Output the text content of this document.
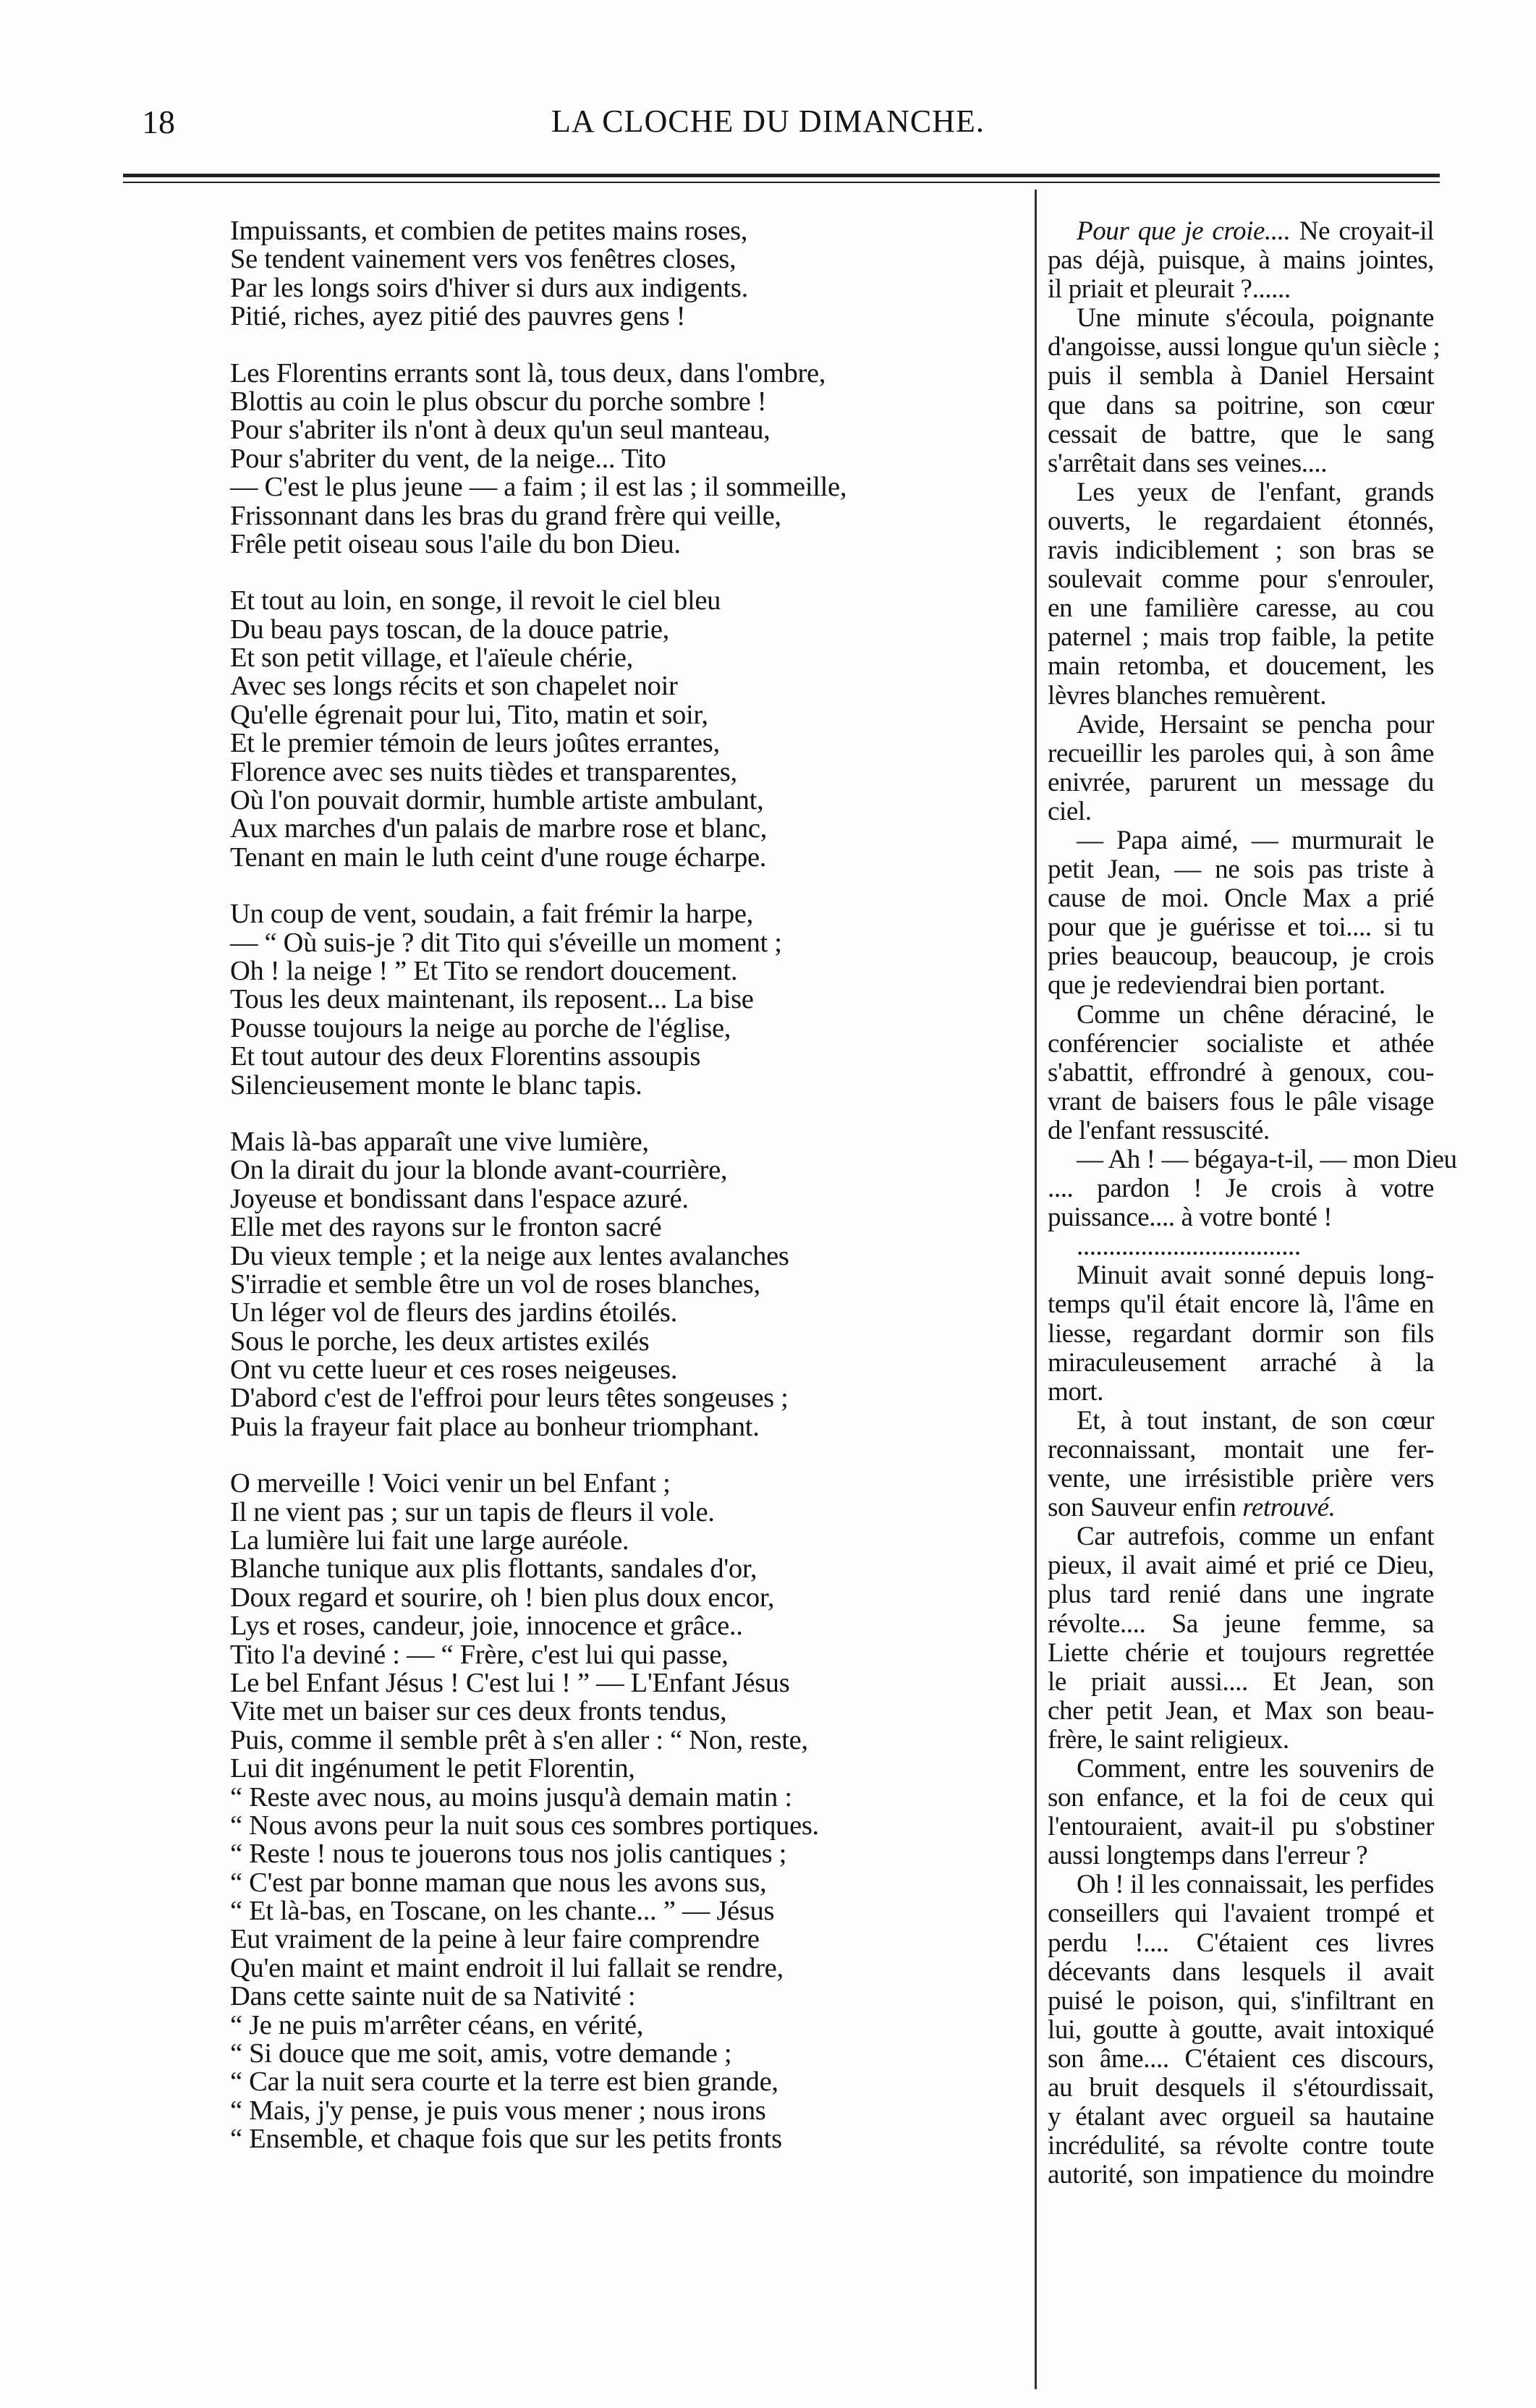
18	LA CLOCHE DU DIMANCHE.
Impuissants, et combien de petites mains roses,
Se tendent vainement vers vos fenêtres closes,
Par les longs soirs d'hiver si durs aux indigents.
Pitié, riches, ayez pitié des pauvres gens !
Les Florentins errants sont là, tous deux, dans l'ombre,
Blottis au coin le plus obscur du porche sombre !
Pour s'abriter ils n'ont à deux qu'un seul manteau,
Pour s'abriter du vent, de la neige... Tito
— C'est le plus jeune — a faim ; il est las ; il sommeille,
Frissonnant dans les bras du grand frère qui veille,
Frêle petit oiseau sous l'aile du bon Dieu.
Et tout au loin, en songe, il revoit le ciel bleu
Du beau pays toscan, de la douce patrie,
Et son petit village, et l'aïeule chérie,
Avec ses longs récits et son chapelet noir
Qu'elle égrenait pour lui, Tito, matin et soir,
Et le premier témoin de leurs joûtes errantes,
Florence avec ses nuits tièdes et transparentes,
Où l'on pouvait dormir, humble artiste ambulant,
Aux marches d'un palais de marbre rose et blanc,
Tenant en main le luth ceint d'une rouge écharpe.
Un coup de vent, soudain, a fait frémir la harpe,
— “ Où suis-je ? dit Tito qui s'éveille un moment ;
Oh ! la neige ! ” Et Tito se rendort doucement.
Tous les deux maintenant, ils reposent... La bise
Pousse toujours la neige au porche de l'église,
Et tout autour des deux Florentins assoupis
Silencieusement monte le blanc tapis.
Mais là-bas apparaît une vive lumière,
On la dirait du jour la blonde avant-courrière,
Joyeuse et bondissant dans l'espace azuré.
Elle met des rayons sur le fronton sacré
Du vieux temple ; et la neige aux lentes avalanches
S'irradie et semble être un vol de roses blanches,
Un léger vol de fleurs des jardins étoilés.
Sous le porche, les deux artistes exilés
Ont vu cette lueur et ces roses neigeuses.
D'abord c'est de l'effroi pour leurs têtes songeuses ;
Puis la frayeur fait place au bonheur triomphant.
O merveille ! Voici venir un bel Enfant ;
Il ne vient pas ; sur un tapis de fleurs il vole.
La lumière lui fait une large auréole.
Blanche tunique aux plis flottants, sandales d'or,
Doux regard et sourire, oh ! bien plus doux encor,
Lys et roses, candeur, joie, innocence et grâce..
Tito l'a deviné : — “ Frère, c'est lui qui passe,
Le bel Enfant Jésus ! C'est lui ! ” — L'Enfant Jésus
Vite met un baiser sur ces deux fronts tendus,
Puis, comme il semble prêt à s'en aller : “ Non, reste,
Lui dit ingénument le petit Florentin,
“ Reste avec nous, au moins jusqu'à demain matin :
“ Nous avons peur la nuit sous ces sombres portiques.
“ Reste ! nous te jouerons tous nos jolis cantiques ;
“ C'est par bonne maman que nous les avons sus,
“ Et là-bas, en Toscane, on les chante... ” — Jésus
Eut vraiment de la peine à leur faire comprendre
Qu'en maint et maint endroit il lui fallait se rendre,
Dans cette sainte nuit de sa Nativité :
“ Je ne puis m'arrêter céans, en vérité,
“ Si douce que me soit, amis, votre demande ;
“ Car la nuit sera courte et la terre est bien grande,
“ Mais, j'y pense, je puis vous mener ; nous irons
“ Ensemble, et chaque fois que sur les petits fronts
Pour que je croie.... Ne croyait-il
pas déjà, puisque, à mains jointes,
il priait et pleurait ?......
Une minute s'écoula, poignante
d'angoisse, aussi longue qu'un siècle ;
puis il sembla à Daniel Hersaint
que dans sa poitrine, son cœur
cessait de battre, que le sang
s'arrêtait dans ses veines....
Les yeux de l'enfant, grands
ouverts, le regardaient étonnés,
ravis indiciblement ; son bras se
soulevait comme pour s'enrouler,
en une familière caresse, au cou
paternel ; mais trop faible, la petite
main retomba, et doucement, les
lèvres blanches remuèrent.
Avide, Hersaint se pencha pour
recueillir les paroles qui, à son âme
enivrée, parurent un message du
ciel.
— Papa aimé, — murmurait le
petit Jean, — ne sois pas triste à
cause de moi. Oncle Max a prié
pour que je guérisse et toi.... si tu
pries beaucoup, beaucoup, je crois
que je redeviendrai bien portant.
Comme un chêne déraciné, le
conférencier socialiste et athée
s'abattit, effrondré à genoux, cou-
vrant de baisers fous le pâle visage
de l'enfant ressuscité.
— Ah ! — bégaya-t-il, — mon Dieu
.... pardon ! Je crois à votre
puissance.... à votre bonté !
...................................
Minuit avait sonné depuis long-
temps qu'il était encore là, l'âme en
liesse, regardant dormir son fils
miraculeusement arraché à la
mort.
Et, à tout instant, de son cœur
reconnaissant, montait une fer-
vente, une irrésistible prière vers
son Sauveur enfin retrouvé.
Car autrefois, comme un enfant
pieux, il avait aimé et prié ce Dieu,
plus tard renié dans une ingrate
révolte.... Sa jeune femme, sa
Liette chérie et toujours regrettée
le priait aussi.... Et Jean, son
cher petit Jean, et Max son beau-
frère, le saint religieux.
Comment, entre les souvenirs de
son enfance, et la foi de ceux qui
l'entouraient, avait-il pu s'obstiner
aussi longtemps dans l'erreur ?
Oh ! il les connaissait, les perfides
conseillers qui l'avaient trompé et
perdu !.... C'étaient ces livres
décevants dans lesquels il avait
puisé le poison, qui, s'infiltrant en
lui, goutte à goutte, avait intoxiqué
son âme.... C'étaient ces discours,
au bruit desquels il s'étourdissait,
y étalant avec orgueil sa hautaine
incrédulité, sa révolte contre toute
autorité, son impatience du moindre
